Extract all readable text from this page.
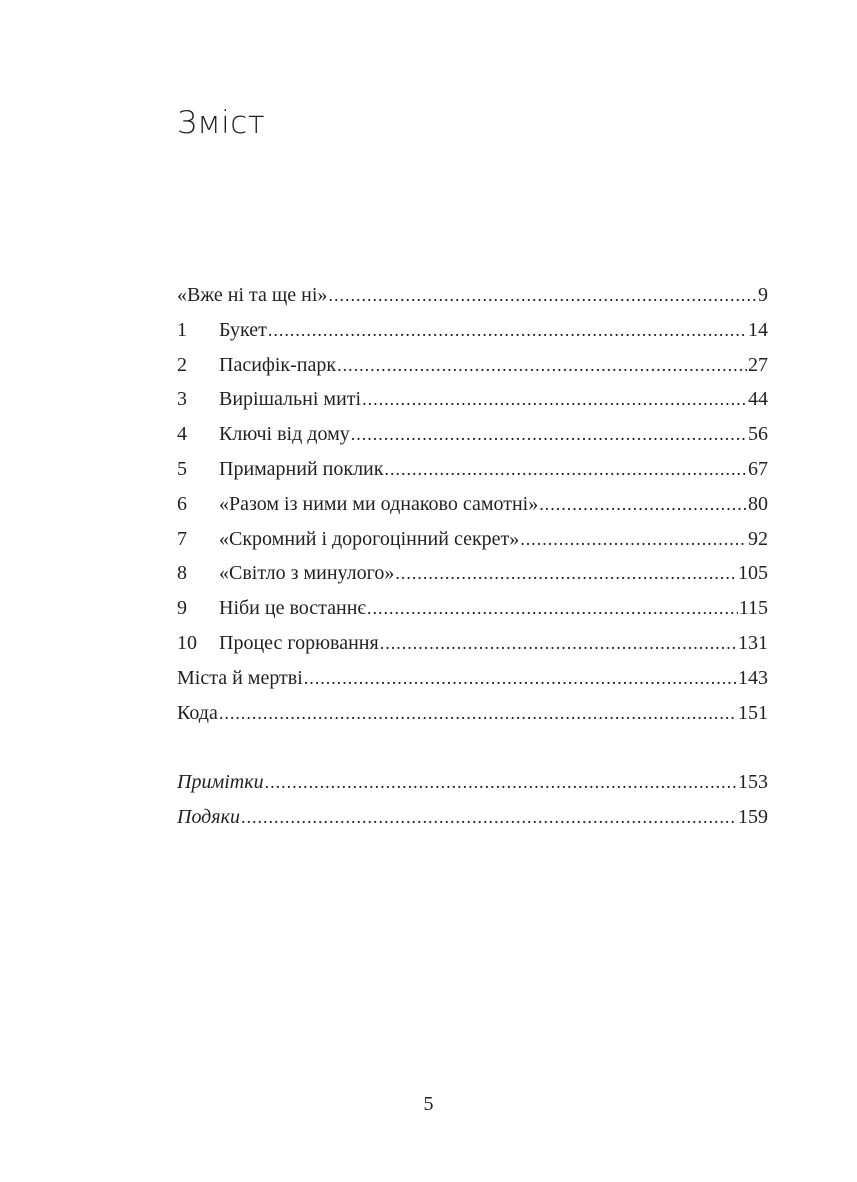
Зміст
«Вже ні та ще ні» .....	9
1	Букет .....	14
2	Пасифік-парк .....	27
3	Вирішальні миті .....	44
4	Ключі від дому .....	56
5	Примарний поклик .....	67
6	«Разом із ними ми однаково самотні» .....	80
7	«Скромний і дорогоцінний секрет» .....	92
8	«Світло з минулого» .....	105
9	Ніби це востаннє .....	115
10	Процес горювання .....	131
Міста й мертві .....	143
Кода .....	151
Примітки .....	153
Подяки .....	159
5
